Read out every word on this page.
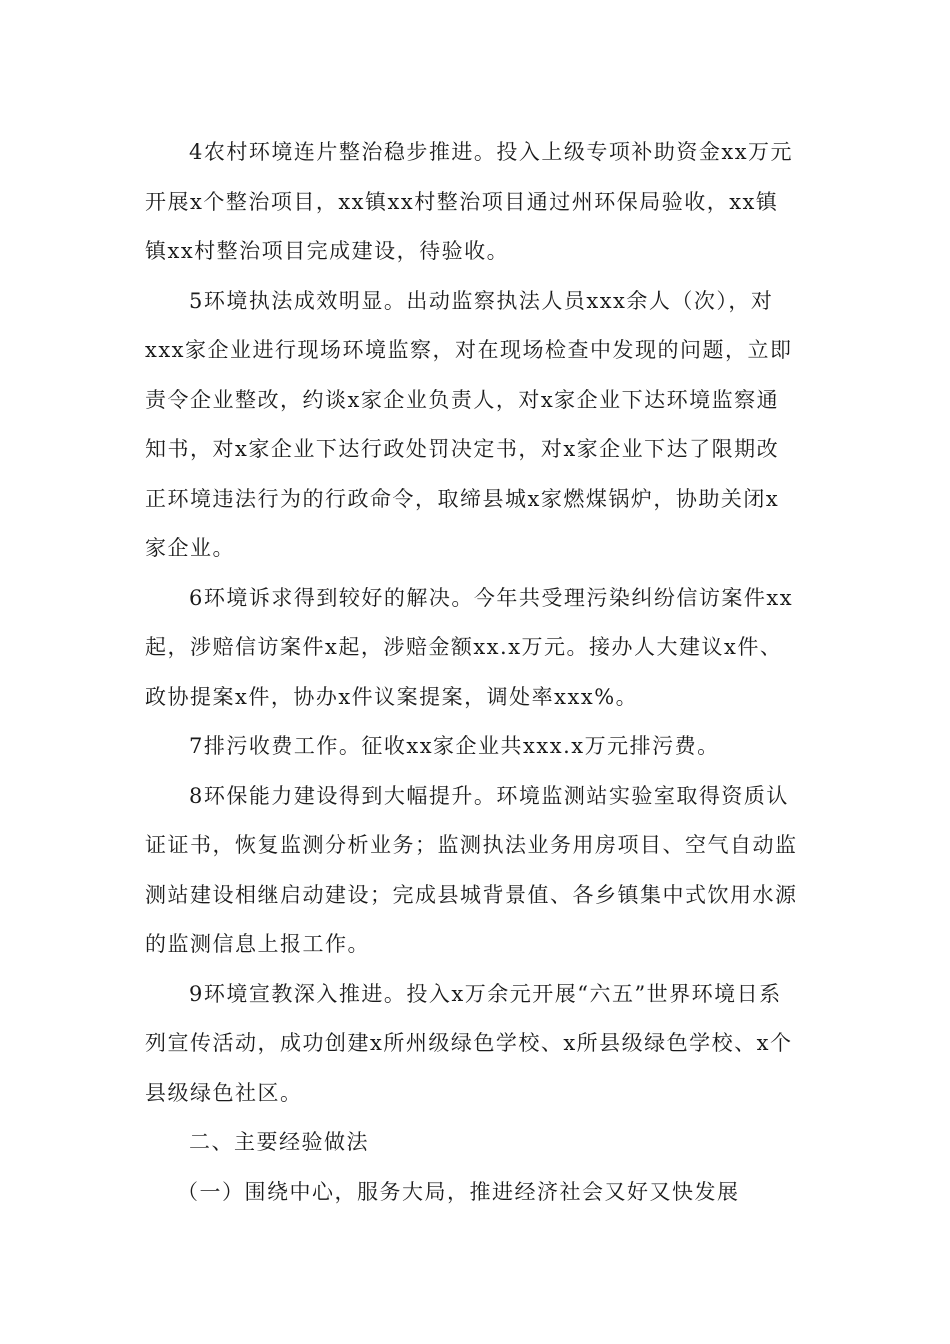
4农村环境连片整治稳步推进。投入上级专项补助资金xx万元
开展x个整治项目，xx镇xx村整治项目通过州环保局验收，xx镇
镇xx村整治项目完成建设，待验收。
5环境执法成效明显。出动监察执法人员xxx余人（次），对
xxx家企业进行现场环境监察，对在现场检查中发现的问题，立即
责令企业整改，约谈x家企业负责人，对x家企业下达环境监察通
知书，对x家企业下达行政处罚决定书，对x家企业下达了限期改
正环境违法行为的行政命令，取缔县城x家燃煤锅炉，协助关闭x
家企业。
6环境诉求得到较好的解决。今年共受理污染纠纷信访案件xx
起，涉赔信访案件x起，涉赔金额xx.x万元。接办人大建议x件、
政协提案x件，协办x件议案提案，调处率xxx%。
7排污收费工作。征收xx家企业共xxx.x万元排污费。
8环保能力建设得到大幅提升。环境监测站实验室取得资质认
证证书，恢复监测分析业务；监测执法业务用房项目、空气自动监
测站建设相继启动建设；完成县城背景值、各乡镇集中式饮用水源
的监测信息上报工作。
9环境宣教深入推进。投入x万余元开展“六五”世界环境日系
列宣传活动，成功创建x所州级绿色学校、x所县级绿色学校、x个
县级绿色社区。
二、主要经验做法
（一）围绕中心，服务大局，推进经济社会又好又快发展
